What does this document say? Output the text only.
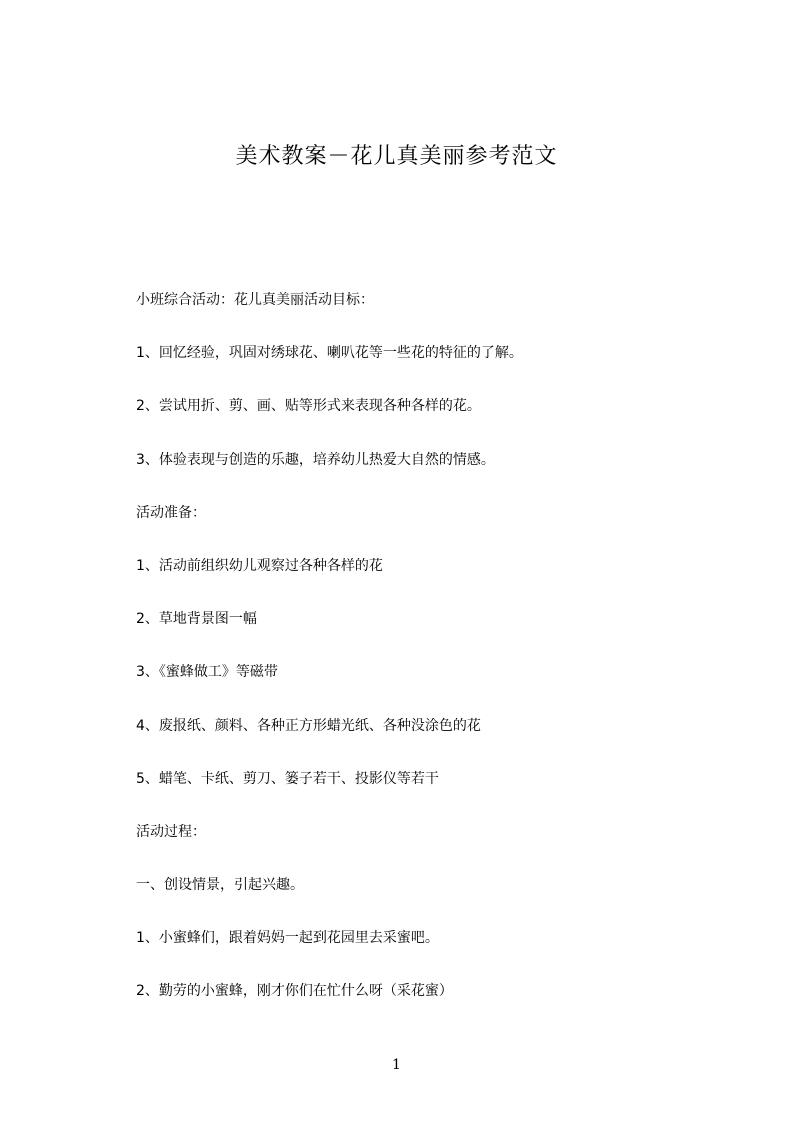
美术教案－花儿真美丽参考范文
小班综合活动：花儿真美丽活动目标：
1、回忆经验，巩固对绣球花、喇叭花等一些花的特征的了解。
2、尝试用折、剪、画、贴等形式来表现各种各样的花。
3、体验表现与创造的乐趣，培养幼儿热爱大自然的情感。
活动准备：
1、活动前组织幼儿观察过各种各样的花
2、草地背景图一幅
3、《蜜蜂做工》等磁带
4、废报纸、颜料、各种正方形蜡光纸、各种没涂色的花
5、蜡笔、卡纸、剪刀、篓子若干、投影仪等若干
活动过程：
一、创设情景，引起兴趣。
1、小蜜蜂们，跟着妈妈一起到花园里去采蜜吧。
2、勤劳的小蜜蜂，刚才你们在忙什么呀（采花蜜）
1
